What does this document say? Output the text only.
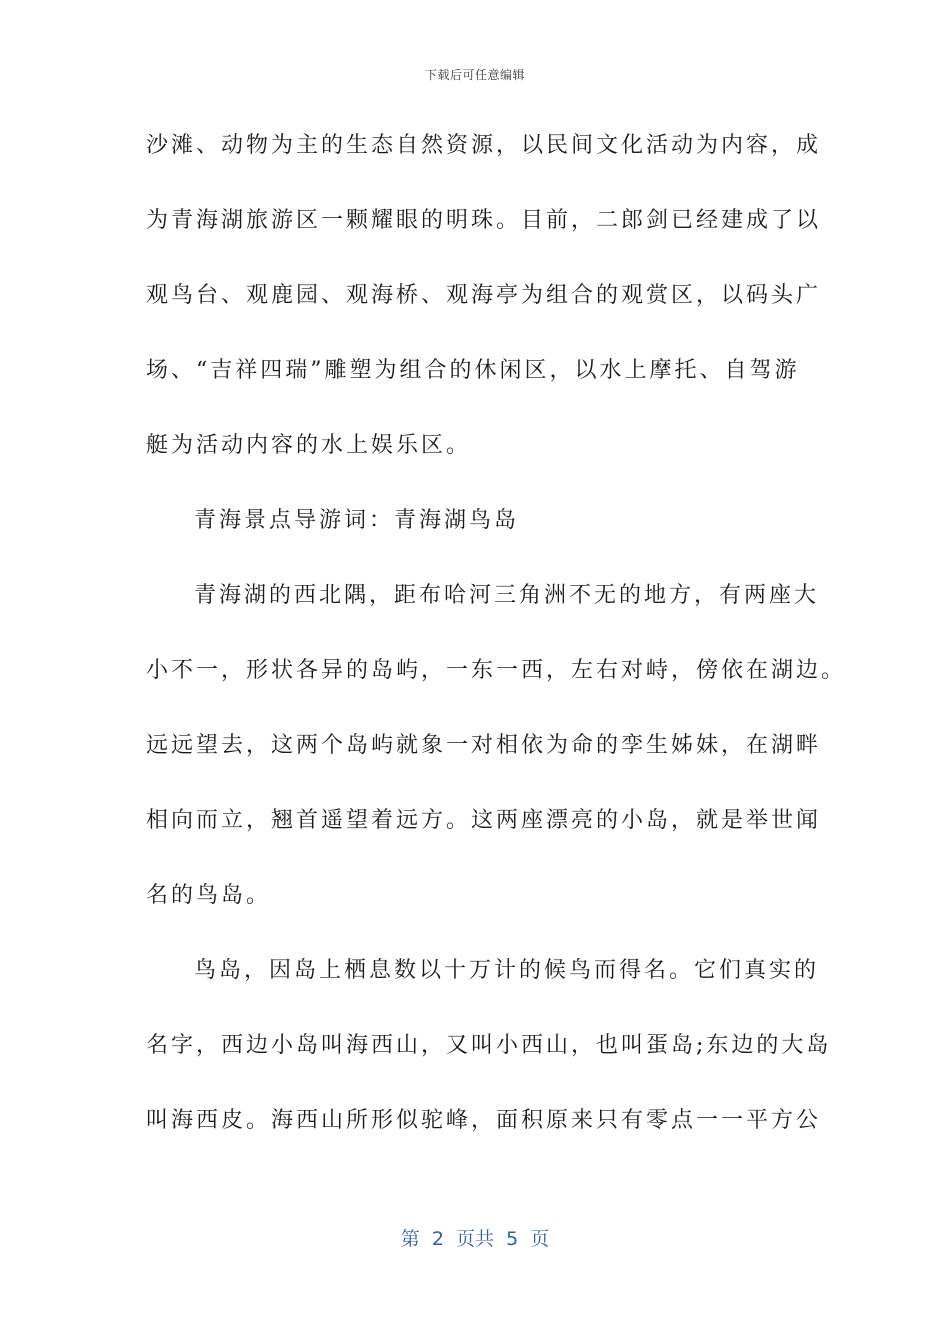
下载后可任意编辑
沙滩、动物为主的生态自然资源，以民间文化活动为内容，成
为青海湖旅游区一颗耀眼的明珠。目前，二郎剑已经建成了以
观鸟台、观鹿园、观海桥、观海亭为组合的观赏区，以码头广
场、“吉祥四瑞”雕塑为组合的休闲区，以水上摩托、自驾游
艇为活动内容的水上娱乐区。
青海景点导游词：青海湖鸟岛
青海湖的西北隅，距布哈河三角洲不无的地方，有两座大
小不一，形状各异的岛屿，一东一西，左右对峙，傍依在湖边。
远远望去，这两个岛屿就象一对相依为命的孪生姊妹，在湖畔
相向而立，翘首遥望着远方。这两座漂亮的小岛，就是举世闻
名的鸟岛。
鸟岛，因岛上栖息数以十万计的候鸟而得名。它们真实的
名字，西边小岛叫海西山，又叫小西山，也叫蛋岛;东边的大岛
叫海西皮。海西山所形似驼峰，面积原来只有零点一一平方公
第  2  页共  5  页
